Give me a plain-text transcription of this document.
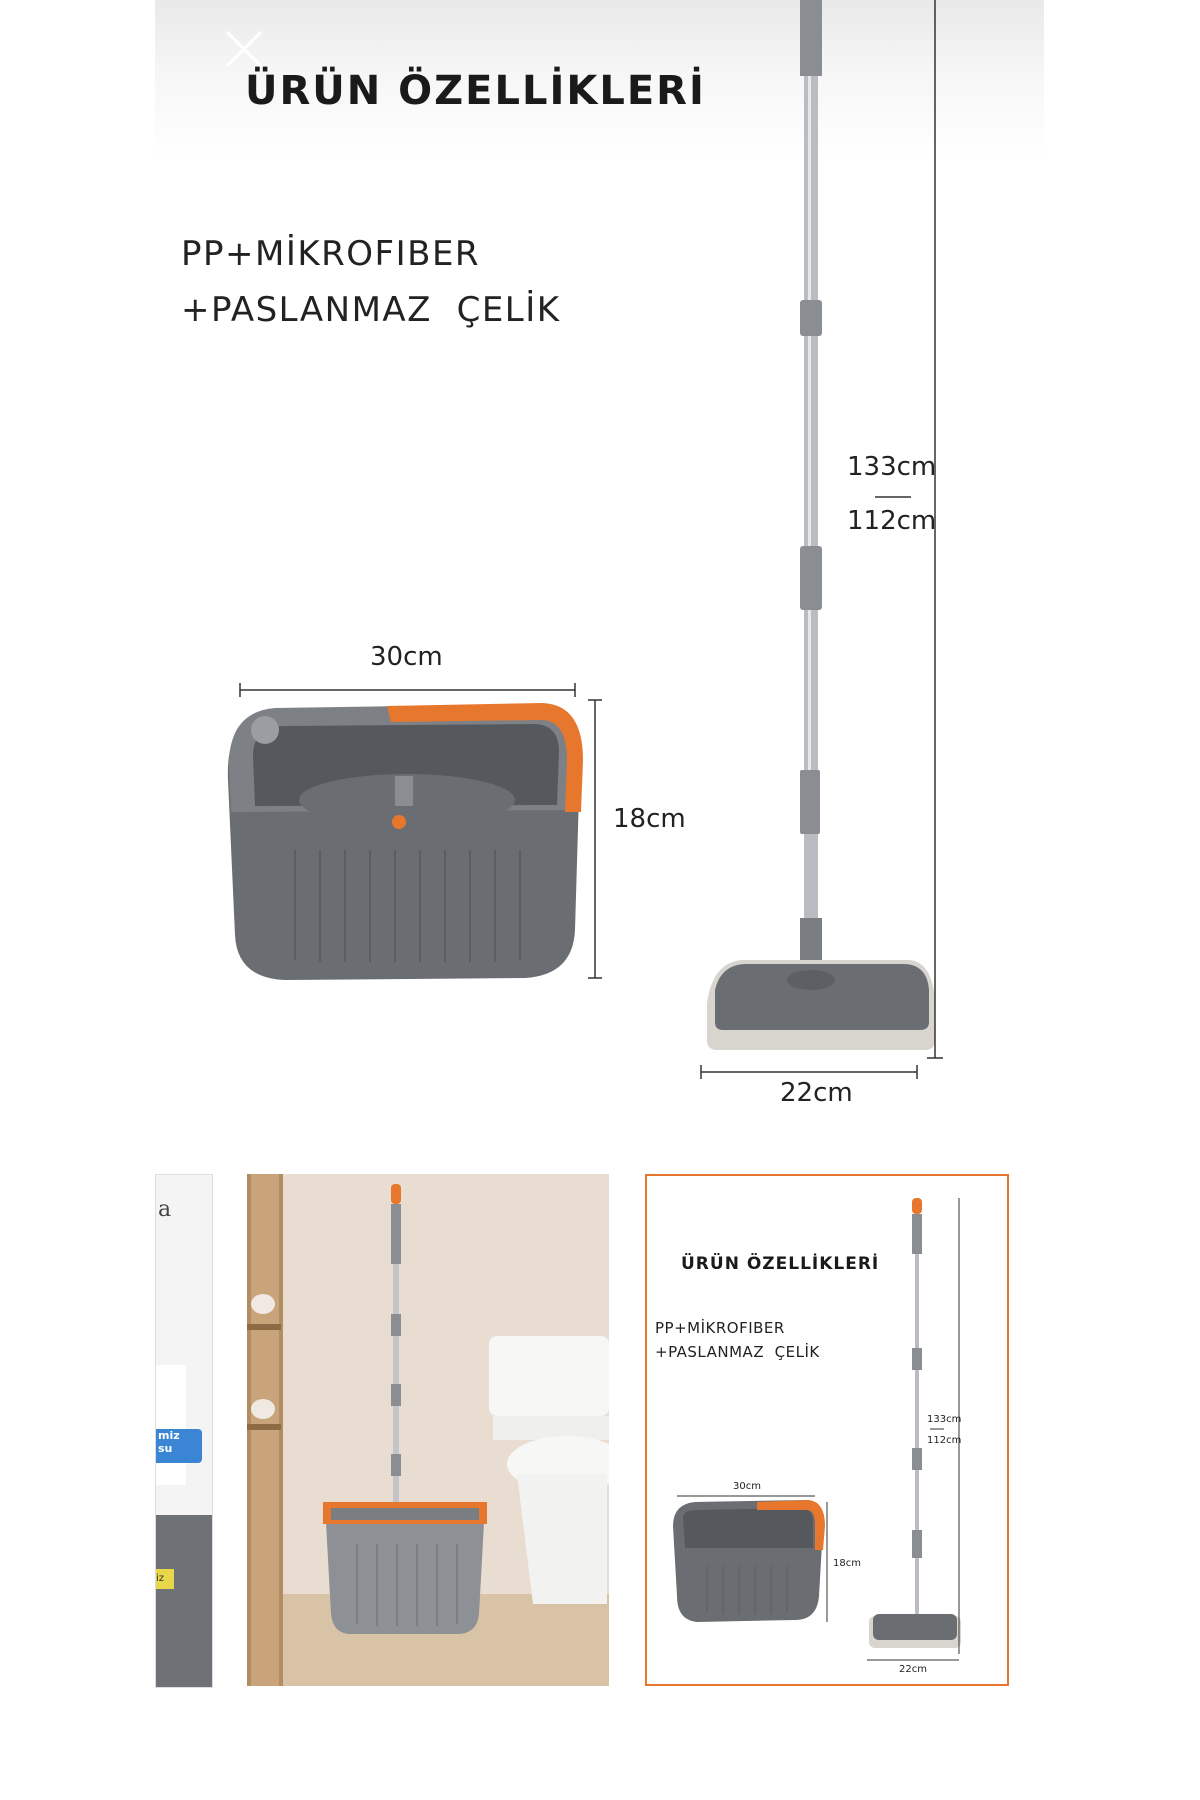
ÜRÜN ÖZELLİKLERİ
PP+MİKROFIBER
+PASLANMAZ  ÇELİK
133cm
112cm
30cm
18cm
22cm
a
miz
su
iz
ÜRÜN ÖZELLİKLERİ
PP+MİKROFIBER
+PASLANMAZ  ÇELİK
133cm
112cm
30cm
18cm
22cm
